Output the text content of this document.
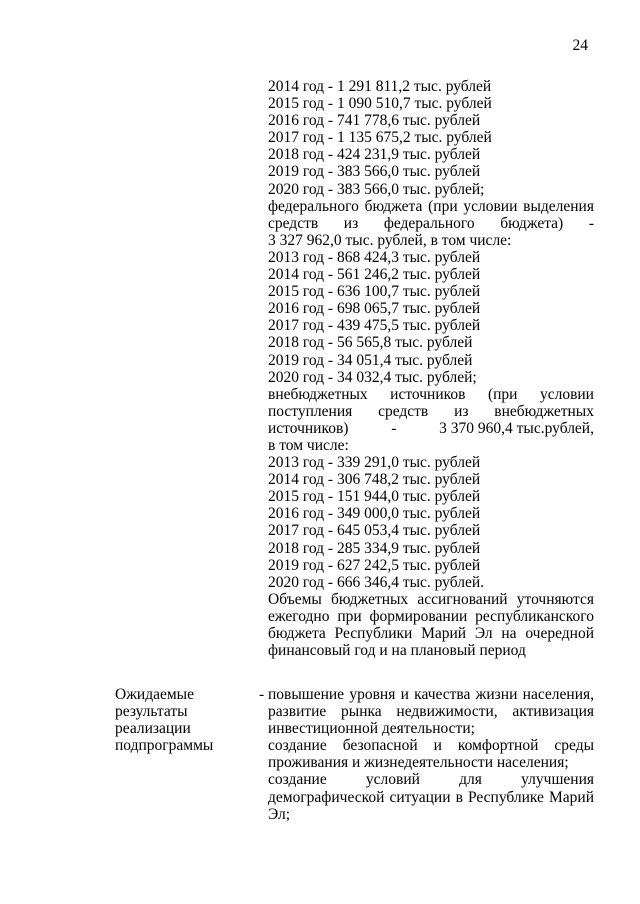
24
2014 год - 1 291 811,2 тыс. рублей
2015 год - 1 090 510,7 тыс. рублей
2016 год - 741 778,6 тыс. рублей
2017 год - 1 135 675,2 тыс. рублей
2018 год - 424 231,9 тыс. рублей
2019 год - 383 566,0 тыс. рублей
2020 год - 383 566,0 тыс. рублей;
федерального бюджета (при условии выделения
средств из федерального бюджета) -
3 327 962,0 тыс. рублей, в том числе:
2013 год - 868 424,3 тыс. рублей
2014 год - 561 246,2 тыс. рублей
2015 год - 636 100,7 тыс. рублей
2016 год - 698 065,7 тыс. рублей
2017 год - 439 475,5 тыс. рублей
2018 год - 56 565,8 тыс. рублей
2019 год - 34 051,4 тыс. рублей
2020 год - 34 032,4 тыс. рублей;
внебюджетных источников (при условии
поступления средств из внебюджетных
источников)	-	3 370 960,4 тыс.рублей,
в том числе:
2013 год - 339 291,0 тыс. рублей
2014 год - 306 748,2 тыс. рублей
2015 год - 151 944,0 тыс. рублей
2016 год - 349 000,0 тыс. рублей
2017 год - 645 053,4 тыс. рублей
2018 год - 285 334,9 тыс. рублей
2019 год - 627 242,5 тыс. рублей
2020 год - 666 346,4 тыс. рублей.
Объемы бюджетных ассигнований уточняются ежегодно при формировании республиканского бюджета Республики Марий Эл на очередной финансовый год и на плановый период
Ожидаемые
результаты
реализации
подпрограммы
- повышение уровня и качества жизни населения, развитие рынка недвижимости, активизация инвестиционной деятельности;
создание безопасной и комфортной среды проживания и жизнедеятельности населения;
создание условий для улучшения демографической ситуации в Республике Марий Эл;
